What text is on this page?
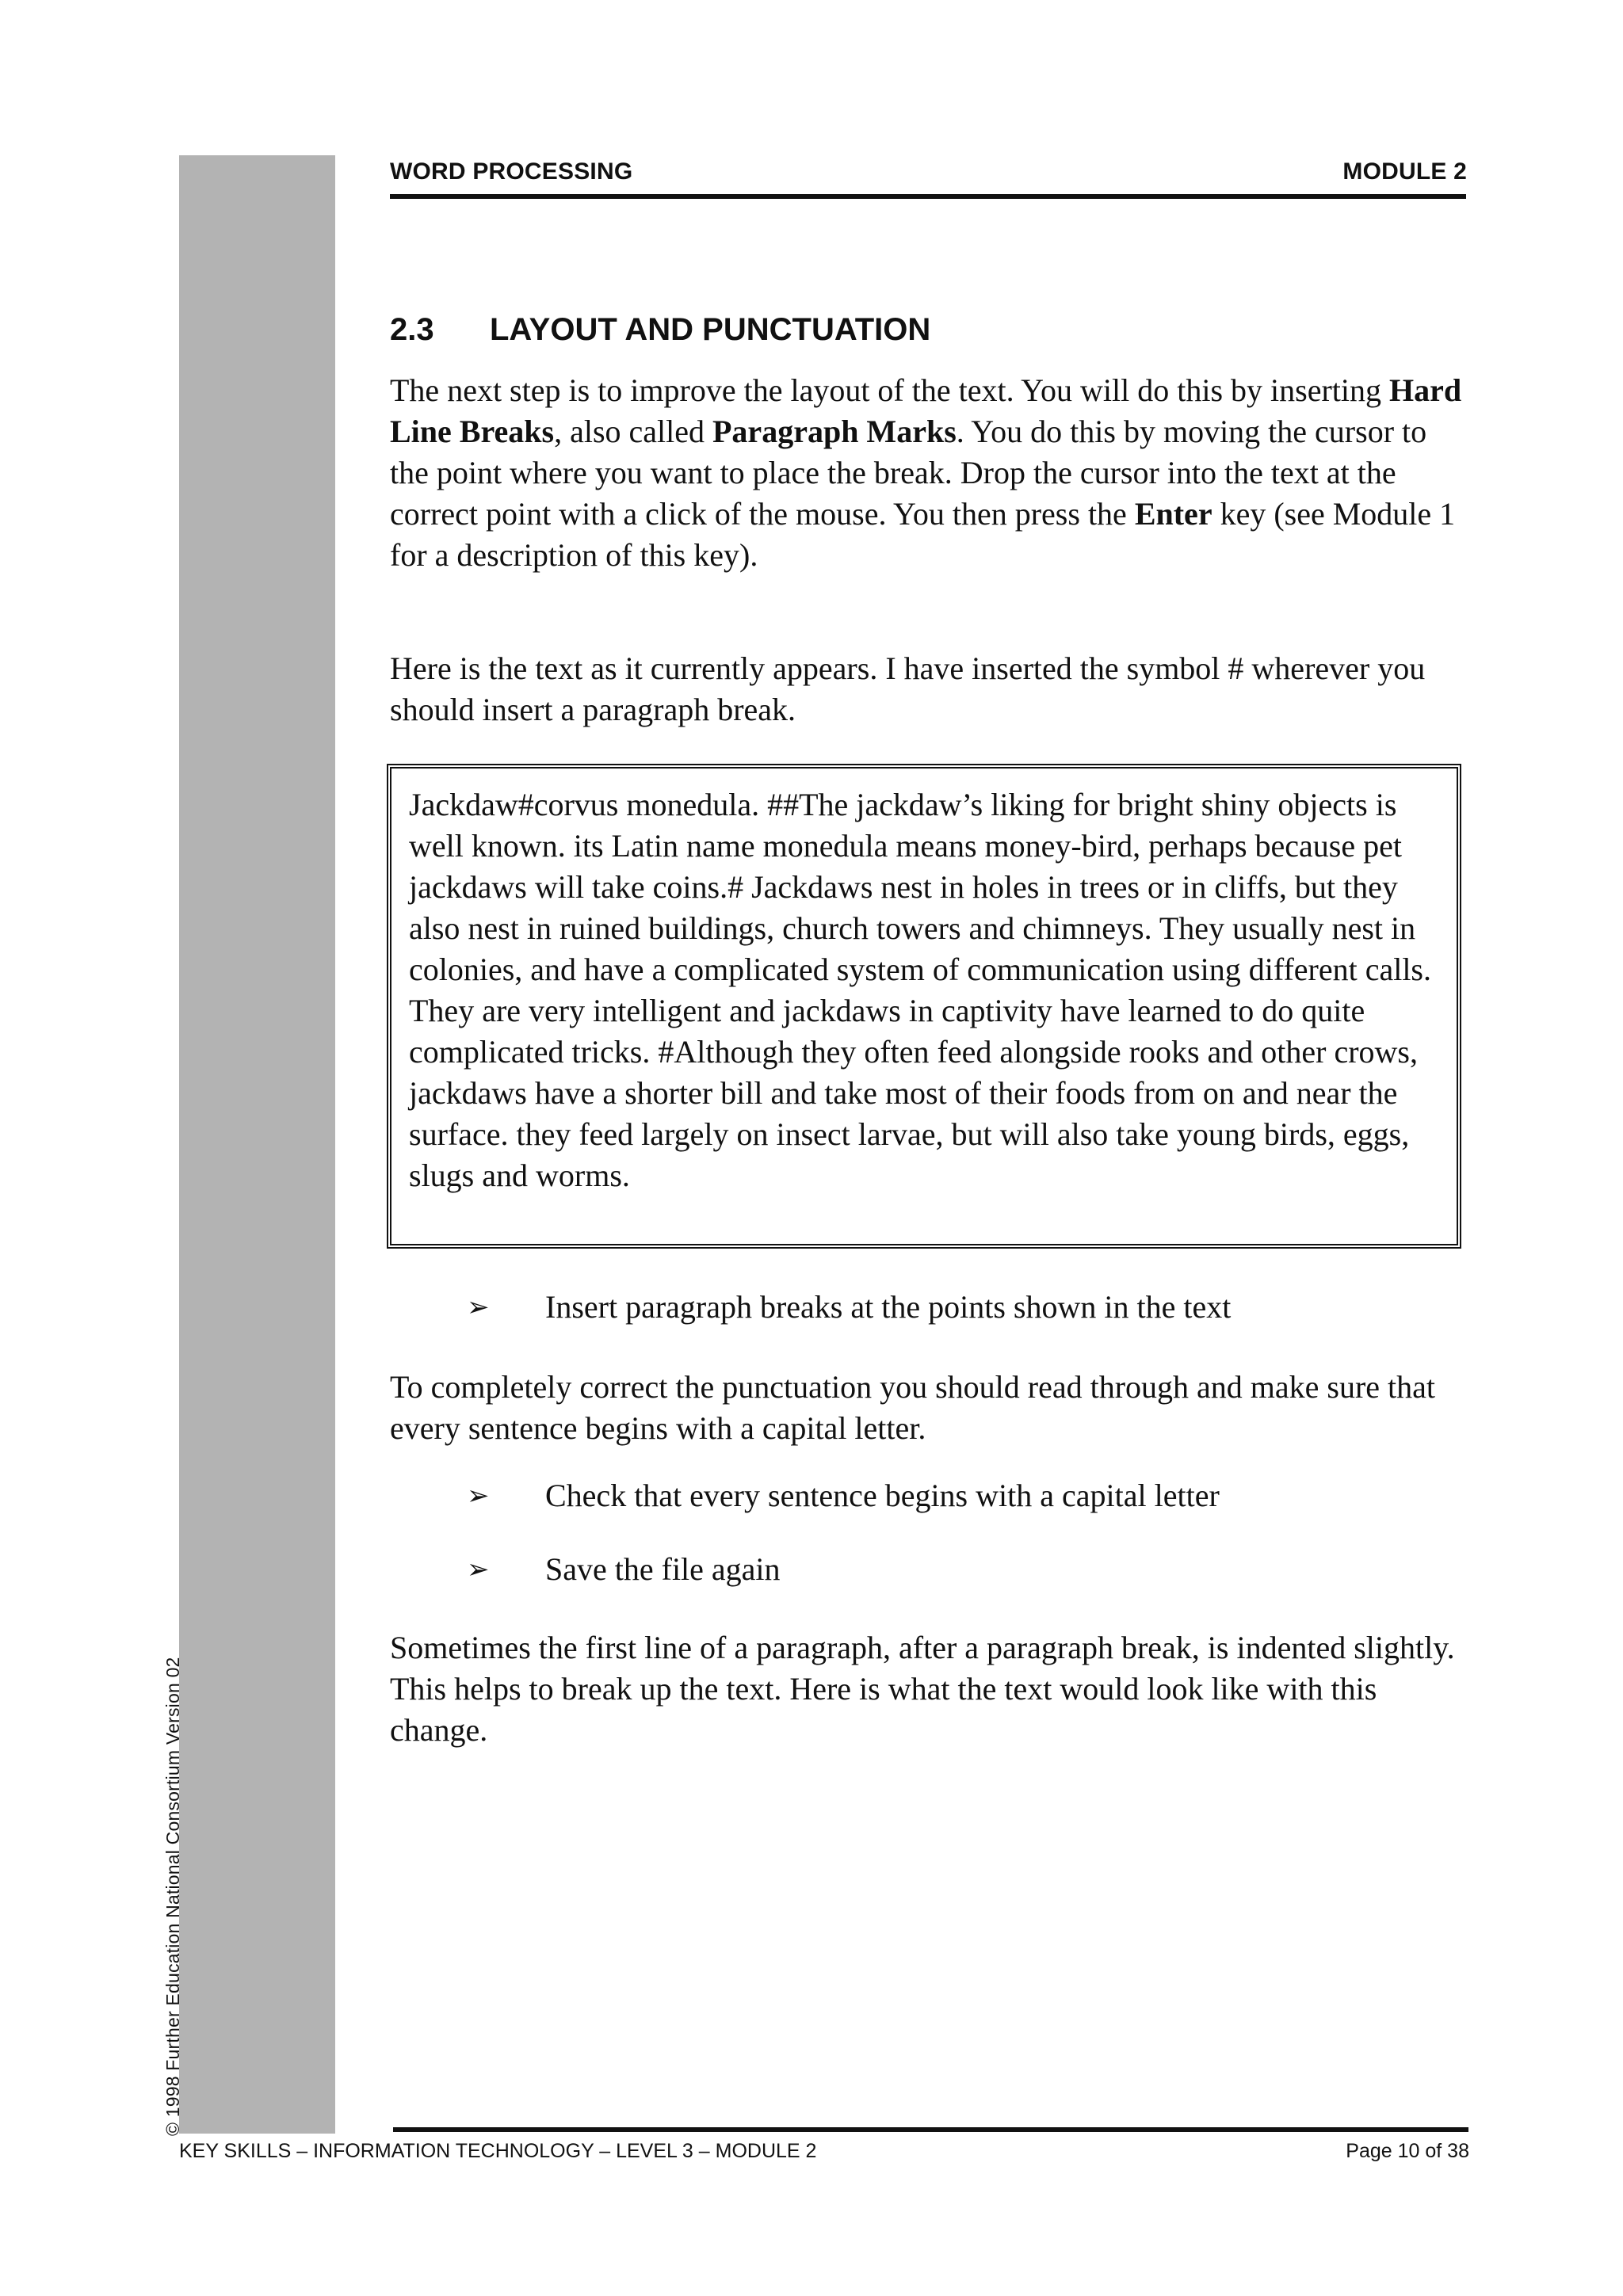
© 1998 Further Education National Consortium Version 02
WORD PROCESSING	MODULE 2
2.3 LAYOUT AND PUNCTUATION
The next step is to improve the layout of the text. You will do this by inserting Hard Line Breaks, also called Paragraph Marks. You do this by moving the cursor to the point where you want to place the break. Drop the cursor into the text at the correct point with a click of the mouse. You then press the Enter key (see Module 1 for a description of this key).
Here is the text as it currently appears. I have inserted the symbol # wherever you should insert a paragraph break.
Jackdaw#corvus monedula. ##The jackdaw’s liking for bright shiny objects is well known. its Latin name monedula means money-bird, perhaps because pet jackdaws will take coins.# Jackdaws nest in holes in trees or in cliffs, but they also nest in ruined buildings, church towers and chimneys. They usually nest in colonies, and have a complicated system of communication using different calls. They are very intelligent and jackdaws in captivity have learned to do quite complicated tricks. #Although they often feed alongside rooks and other crows, jackdaws have a shorter bill and take most of their foods from on and near the surface. they feed largely on insect larvae, but will also take young birds, eggs, slugs and worms.
➢ Insert paragraph breaks at the points shown in the text
To completely correct the punctuation you should read through and make sure that every sentence begins with a capital letter.
➢ Check that every sentence begins with a capital letter
➢ Save the file again
Sometimes the first line of a paragraph, after a paragraph break, is indented slightly. This helps to break up the text. Here is what the text would look like with this change.
KEY SKILLS – INFORMATION TECHNOLOGY – LEVEL 3 – MODULE 2	Page 10 of 38
